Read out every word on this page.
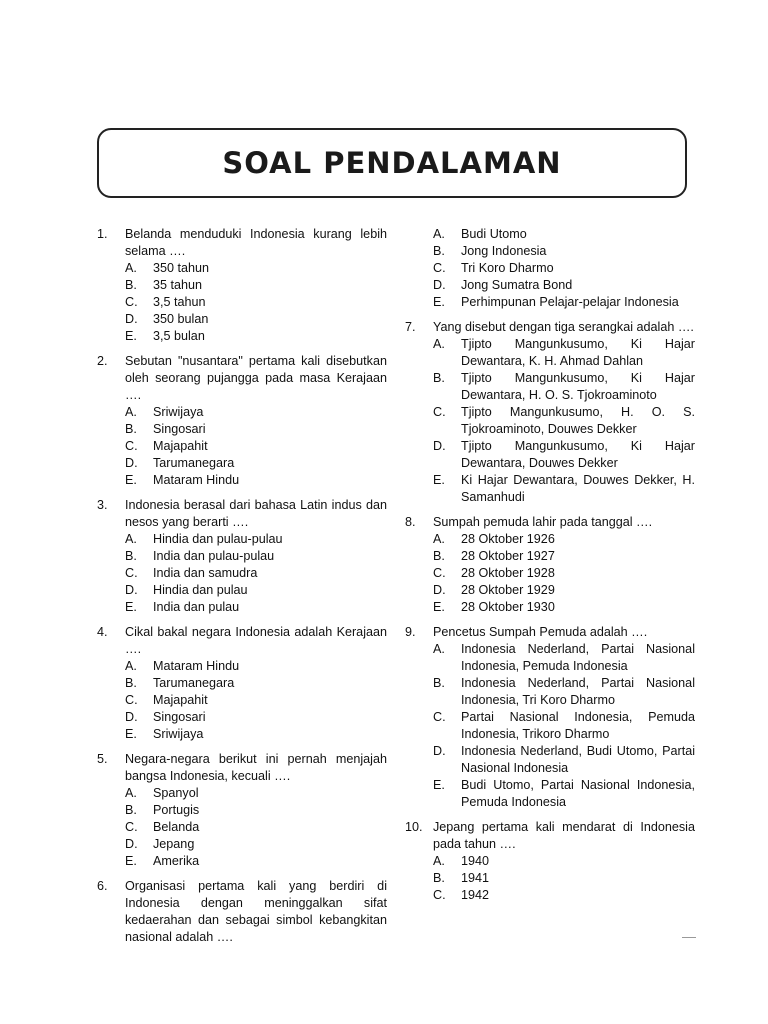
SOAL PENDALAMAN
1.	Belanda menduduki Indonesia kurang lebih selama ….
A.	350 tahun
B.	35 tahun
C.	3,5 tahun
D.	350 bulan
E.	3,5 bulan
2.	Sebutan "nusantara" pertama kali disebutkan oleh seorang pujangga pada masa Kerajaan ….
A.	Sriwijaya
B.	Singosari
C.	Majapahit
D.	Tarumanegara
E.	Mataram Hindu
3.	Indonesia berasal dari bahasa Latin indus dan nesos yang berarti ….
A.	Hindia dan pulau-pulau
B.	India dan pulau-pulau
C.	India dan samudra
D.	Hindia dan pulau
E.	India dan pulau
4.	Cikal bakal negara Indonesia adalah Kerajaan ….
A.	Mataram Hindu
B.	Tarumanegara
C.	Majapahit
D.	Singosari
E.	Sriwijaya
5.	Negara-negara berikut ini pernah menjajah bangsa Indonesia, kecuali ….
A.	Spanyol
B.	Portugis
C.	Belanda
D.	Jepang
E.	Amerika
6.	Organisasi pertama kali yang berdiri di Indonesia dengan meninggalkan sifat kedaerahan dan sebagai simbol kebangkitan nasional adalah ….
A.	Budi Utomo
B.	Jong Indonesia
C.	Tri Koro Dharmo
D.	Jong Sumatra Bond
E.	Perhimpunan Pelajar-pelajar Indonesia
7.	Yang disebut dengan tiga serangkai adalah ….
A.	Tjipto Mangunkusumo, Ki Hajar Dewantara, K. H. Ahmad Dahlan
B.	Tjipto Mangunkusumo, Ki Hajar Dewantara, H. O. S. Tjokroaminoto
C.	Tjipto Mangunkusumo, H. O. S. Tjokroaminoto, Douwes Dekker
D.	Tjipto Mangunkusumo, Ki Hajar Dewantara, Douwes Dekker
E.	Ki Hajar Dewantara, Douwes Dekker, H. Samanhudi
8.	Sumpah pemuda lahir pada tanggal ….
A.	28 Oktober 1926
B.	28 Oktober 1927
C.	28 Oktober 1928
D.	28 Oktober 1929
E.	28 Oktober 1930
9.	Pencetus Sumpah Pemuda adalah ….
A.	Indonesia Nederland, Partai Nasional Indonesia, Pemuda Indonesia
B.	Indonesia Nederland, Partai Nasional Indonesia, Tri Koro Dharmo
C.	Partai Nasional Indonesia, Pemuda Indonesia, Trikoro Dharmo
D.	Indonesia Nederland, Budi Utomo, Partai Nasional Indonesia
E.	Budi Utomo, Partai Nasional Indonesia, Pemuda Indonesia
10. Jepang pertama kali mendarat di Indonesia pada tahun ….
A.	1940
B.	1941
C.	1942
